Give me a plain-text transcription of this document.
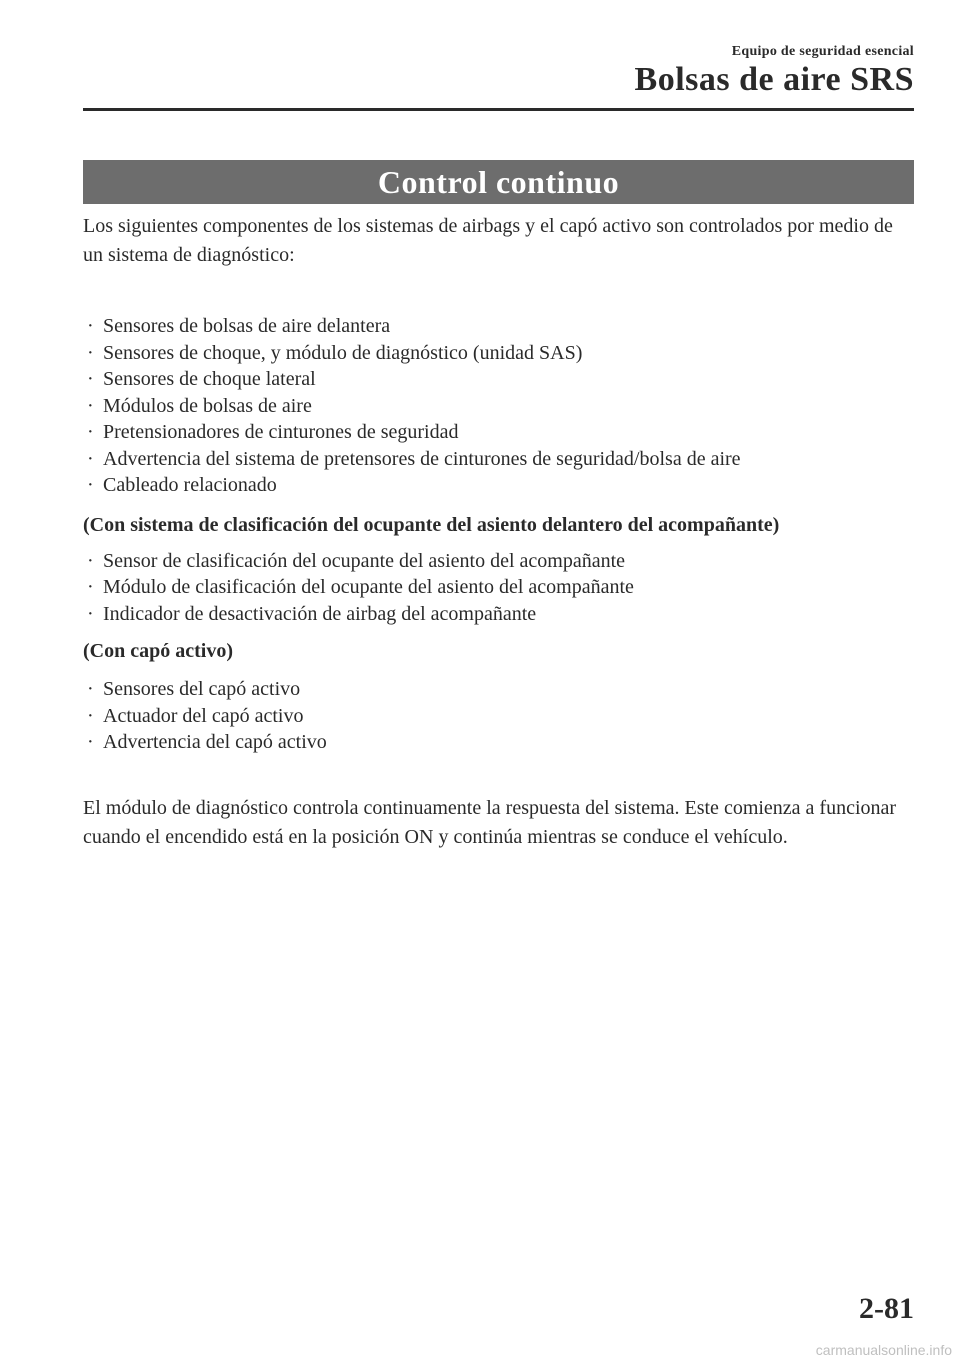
Equipo de seguridad esencial
Bolsas de aire SRS
Control continuo

Los siguientes componentes de los sistemas de airbags y el capó activo son controlados por medio de un sistema de diagnóstico:

· Sensores de bolsas de aire delantera
· Sensores de choque, y módulo de diagnóstico (unidad SAS)
· Sensores de choque lateral
· Módulos de bolsas de aire
· Pretensionadores de cinturones de seguridad
· Advertencia del sistema de pretensores de cinturones de seguridad/bolsa de aire
· Cableado relacionado

(Con sistema de clasificación del ocupante del asiento delantero del acompañante)

· Sensor de clasificación del ocupante del asiento del acompañante
· Módulo de clasificación del ocupante del asiento del acompañante
· Indicador de desactivación de airbag del acompañante

(Con capó activo)

· Sensores del capó activo
· Actuador del capó activo
· Advertencia del capó activo

El módulo de diagnóstico controla continuamente la respuesta del sistema. Este comienza a funcionar cuando el encendido está en la posición ON y continúa mientras se conduce el vehículo.

2-81
carmanualsonline.info
